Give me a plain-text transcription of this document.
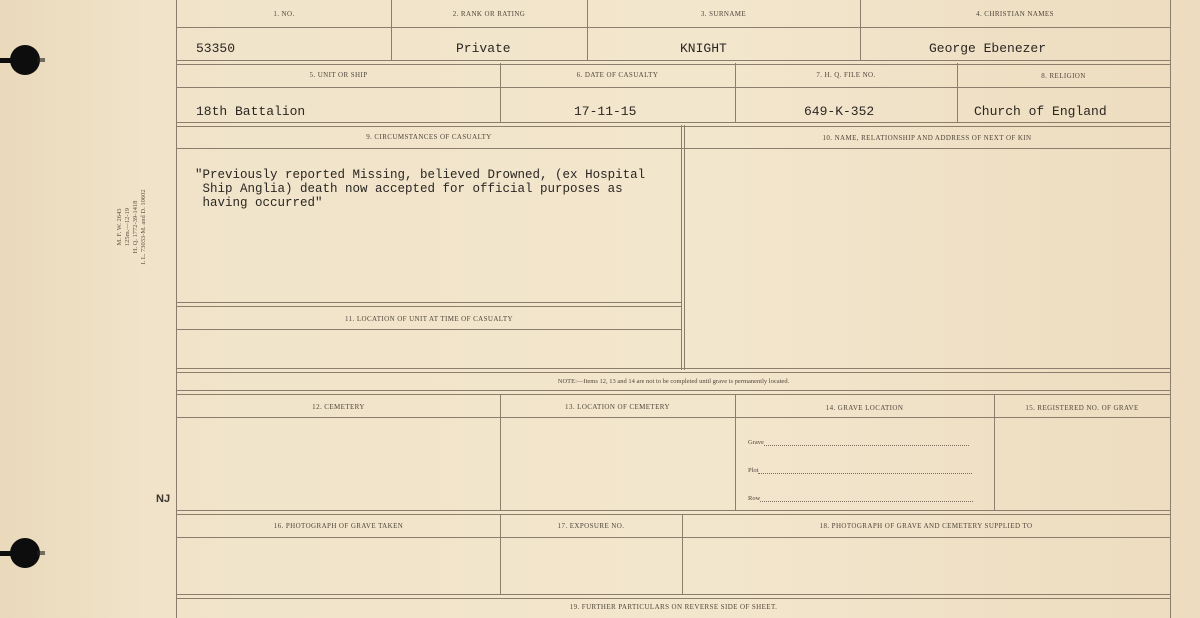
M. F. W. 2643 125m.—12-19 H. Q. 1772-39-1418 I. L. 73033-M. and D. 10602
NJ
1. NO.	2. RANK OR RATING	3. SURNAME	4. CHRISTIAN NAMES
53350	Private	KNIGHT	George Ebenezer
5. UNIT OR SHIP	6. DATE OF CASUALTY	7. H. Q. FILE NO.	8. RELIGION
18th Battalion	17-11-15	649-K-352	Church of England
9. CIRCUMSTANCES OF CASUALTY	10. NAME, RELATIONSHIP AND ADDRESS OF NEXT OF KIN
"Previously reported Missing, believed Drowned, (ex Hospital
Ship Anglia) death now accepted for official purposes as
having occurred"
11. LOCATION OF UNIT AT TIME OF CASUALTY
NOTE:—Items 12, 13 and 14 are not to be completed until grave is permanently located.
12. CEMETERY	13. LOCATION OF CEMETERY	14. GRAVE LOCATION	15. REGISTERED NO. OF GRAVE
Grave
Plot
Row
16. PHOTOGRAPH OF GRAVE TAKEN	17. EXPOSURE NO.	18. PHOTOGRAPH OF GRAVE AND CEMETERY SUPPLIED TO
19. FURTHER PARTICULARS ON REVERSE SIDE OF SHEET.
